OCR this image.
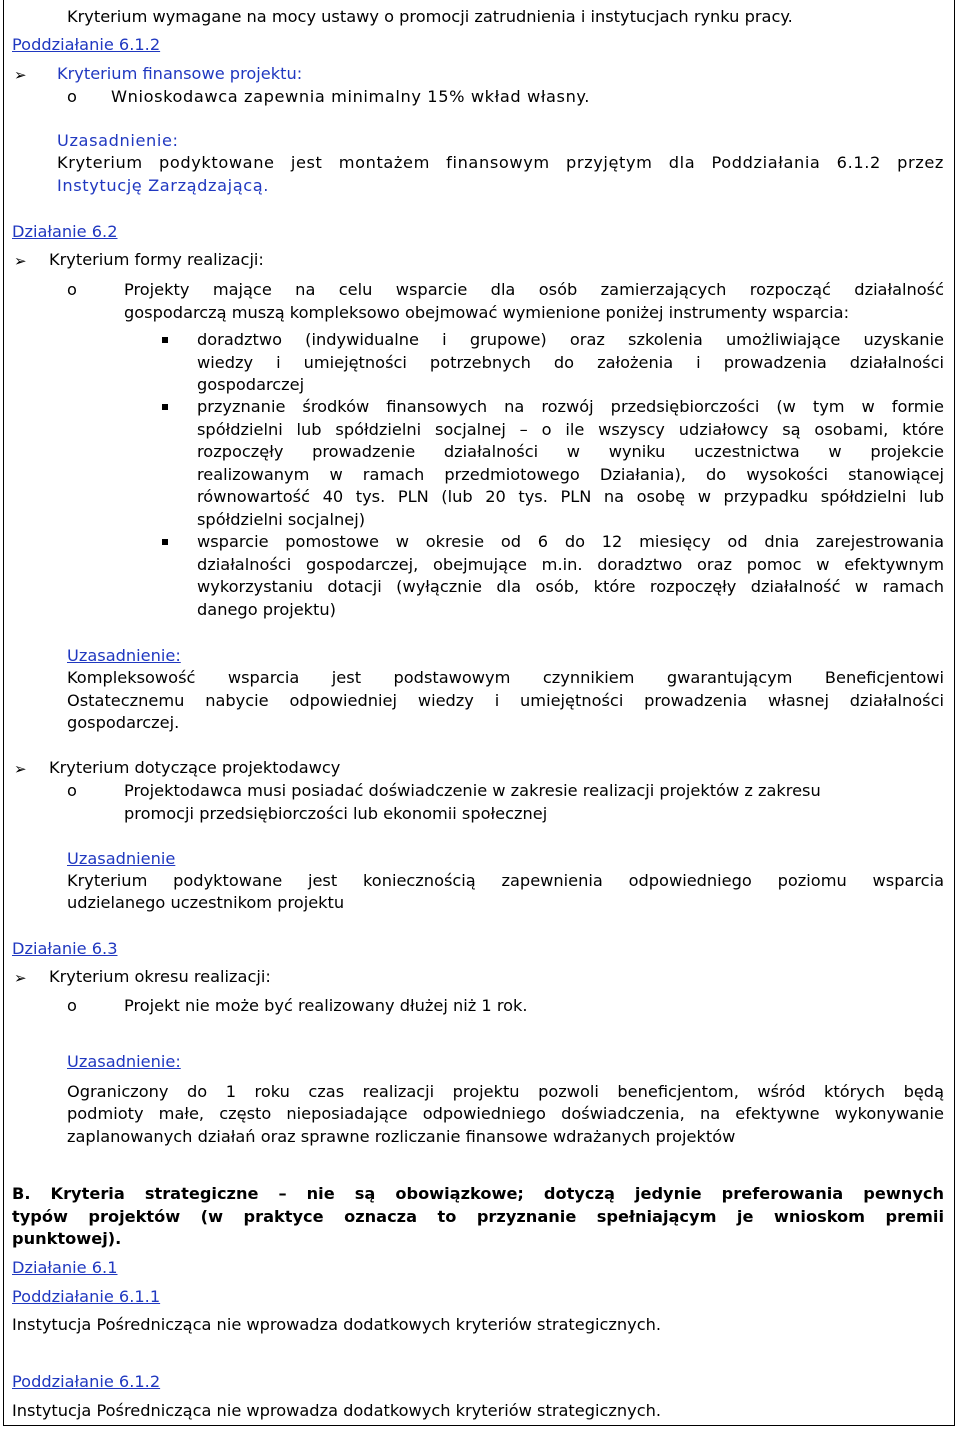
Kryterium wymagane na mocy ustawy o promocji zatrudnienia i instytucjach rynku pracy.
Poddziałanie 6.1.2
➢ Kryterium finansowe projektu:
o Wnioskodawca zapewnia minimalny 15% wkład własny.
Uzasadnienie:
Kryterium podyktowane jest montażem finansowym przyjętym dla Poddziałania 6.1.2 przez
Instytucję Zarządzającą.
Działanie 6.2
➢ Kryterium formy realizacji:
o	Projekty mające na celu wsparcie dla osób zamierzających rozpocząć działalność
gospodarczą muszą kompleksowo obejmować wymienione poniżej instrumenty wsparcia:
doradztwo (indywidualne i grupowe) oraz szkolenia umożliwiające uzyskanie
wiedzy i umiejętności potrzebnych do założenia i prowadzenia działalności
gospodarczej
przyznanie środków finansowych na rozwój przedsiębiorczości (w tym w formie
spółdzielni lub spółdzielni socjalnej – o ile wszyscy udziałowcy są osobami, które
rozpoczęły prowadzenie działalności w wyniku uczestnictwa w projekcie
realizowanym w ramach przedmiotowego Działania), do wysokości stanowiącej
równowartość 40 tys. PLN (lub 20 tys. PLN na osobę w przypadku spółdzielni lub
spółdzielni socjalnej)
wsparcie pomostowe w okresie od 6 do 12 miesięcy od dnia zarejestrowania
działalności gospodarczej, obejmujące m.in. doradztwo oraz pomoc w efektywnym
wykorzystaniu dotacji (wyłącznie dla osób, które rozpoczęły działalność w ramach
danego projektu)
Uzasadnienie:
Kompleksowość wsparcia jest podstawowym czynnikiem gwarantującym Beneficjentowi
Ostatecznemu nabycie odpowiedniej wiedzy i umiejętności prowadzenia własnej działalności
gospodarczej.
➢ Kryterium dotyczące projektodawcy
o	Projektodawca musi posiadać doświadczenie w zakresie realizacji projektów z zakresu
promocji przedsiębiorczości lub ekonomii społecznej
Uzasadnienie
Kryterium podyktowane jest koniecznością zapewnienia odpowiedniego poziomu wsparcia
udzielanego uczestnikom projektu
Działanie 6.3
➢ Kryterium okresu realizacji:
o	Projekt nie może być realizowany dłużej niż 1 rok.
Uzasadnienie:
Ograniczony do 1 roku czas realizacji projektu pozwoli beneficjentom, wśród których będą
podmioty małe, często nieposiadające odpowiedniego doświadczenia, na efektywne wykonywanie
zaplanowanych działań oraz sprawne rozliczanie finansowe wdrażanych projektów
B. Kryteria strategiczne – nie są obowiązkowe; dotyczą jedynie preferowania pewnych
typów projektów (w praktyce oznacza to przyznanie spełniającym je wnioskom premii
punktowej).
Działanie 6.1
Poddziałanie 6.1.1
Instytucja Pośrednicząca nie wprowadza dodatkowych kryteriów strategicznych.
Poddziałanie 6.1.2
Instytucja Pośrednicząca nie wprowadza dodatkowych kryteriów strategicznych.
